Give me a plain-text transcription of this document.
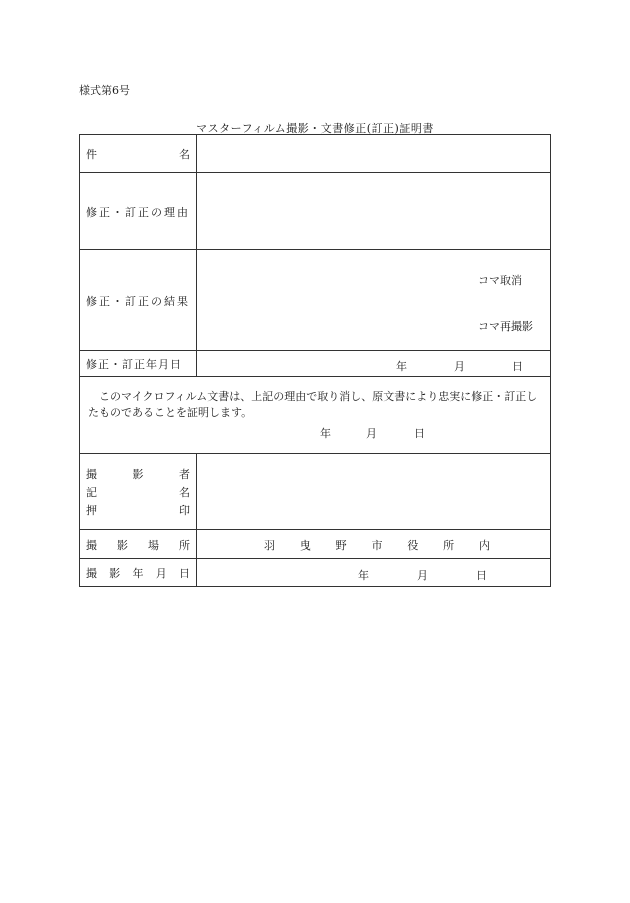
様式第6号
マスターフィルム撮影・文書修正(訂正)証明書
件	名
修正・訂正の理由
修正・訂正の結果
コマ取消
コマ再撮影
修正・訂正年月日	年	月	日
このマイクロフィルム文書は、上記の理由で取り消し、原文書により忠実に修正・訂正したものであることを証明します。
年	月	日
撮	影	者
記	名
押	印
撮 影 場 所	羽 曳 野 市 役 所 内
撮 影 年 月 日	年	月	日
